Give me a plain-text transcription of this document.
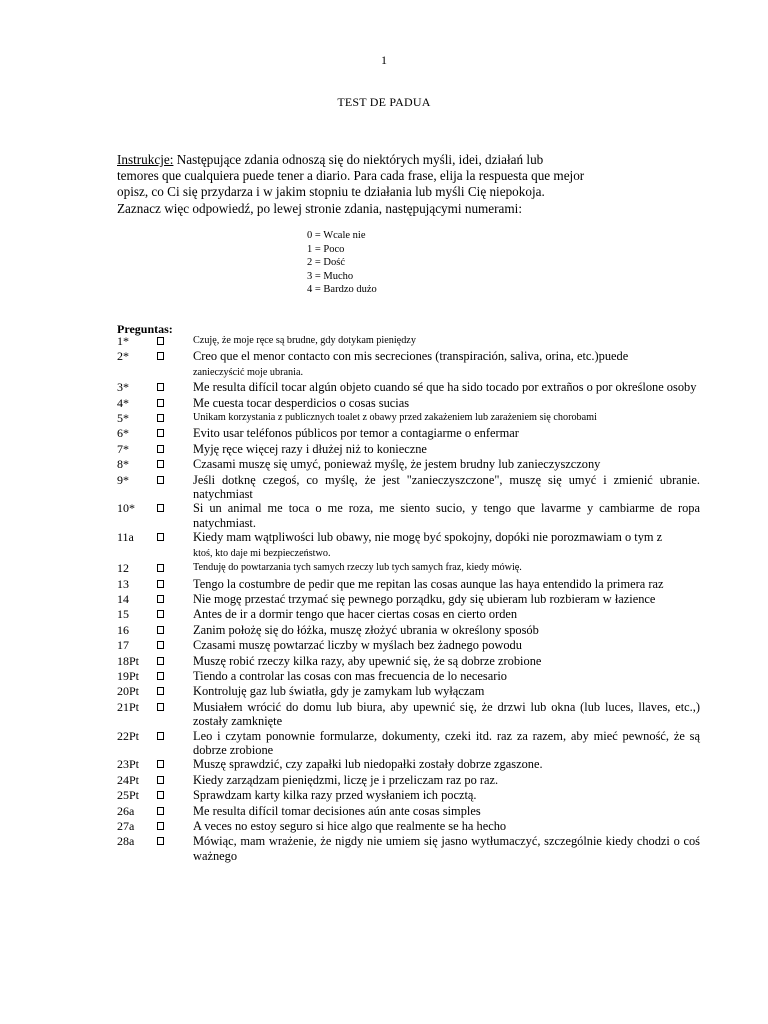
1
TEST DE PADUA
Instrukcje: Następujące zdania odnoszą się do niektórych myśli, idei, działań lub
temores que cualquiera puede tener a diario. Para cada frase, elija la respuesta que mejor
opisz, co Ci się przydarza i w jakim stopniu te działania lub myśli Cię niepokoja.
Zaznacz więc odpowiedź, po lewej stronie zdania, następującymi numerami:
0 = Wcale nie
1 = Poco
2 = Dość
3 = Mucho
4 = Bardzo dużo
Preguntas:
1*	Czuję, że moje ręce są brudne, gdy dotykam pieniędzy
2*	Creo que el menor contacto con mis secreciones (transpiración, saliva, orina, etc.)puede
zanieczyścić moje ubrania.
3*	Me resulta difícil tocar algún objeto cuando sé que ha sido tocado por extraños o por określone osoby
4*	Me cuesta tocar desperdicios o cosas sucias
5*	Unikam korzystania z publicznych toalet z obawy przed zakażeniem lub zarażeniem się chorobami
6*	Evito usar teléfonos públicos por temor a contagiarme o enfermar
7*	Myję ręce więcej razy i dłużej niż to konieczne
8*	Czasami muszę się umyć, ponieważ myślę, że jestem brudny lub zanieczyszczony
9*	Jeśli dotknę czegoś, co myślę, że jest "zanieczyszczone", muszę się umyć i zmienić ubranie. natychmiast
10*	Si un animal me toca o me roza, me siento sucio, y tengo que lavarme y cambiarme de ropa natychmiast.
11a	Kiedy mam wątpliwości lub obawy, nie mogę być spokojny, dopóki nie porozmawiam o tym z
ktoś, kto daje mi bezpieczeństwo.
12	Tenduję do powtarzania tych samych rzeczy lub tych samych fraz, kiedy mówię.
13	Tengo la costumbre de pedir que me repitan las cosas aunque las haya entendido la primera raz
14	Nie mogę przestać trzymać się pewnego porządku, gdy się ubieram lub rozbieram w łazience
15	Antes de ir a dormir tengo que hacer ciertas cosas en cierto orden
16	Zanim położę się do łóżka, muszę złożyć ubrania w określony sposób
17	Czasami muszę powtarzać liczby w myślach bez żadnego powodu
18Pt	Muszę robić rzeczy kilka razy, aby upewnić się, że są dobrze zrobione
19Pt	Tiendo a controlar las cosas con mas frecuencia de lo necesario
20Pt	Kontroluję gaz lub światła, gdy je zamykam lub wyłączam
21Pt	Musiałem wrócić do domu lub biura, aby upewnić się, że drzwi lub okna (lub luces, llaves, etc.,) zostały zamknięte
22Pt	Leo i czytam ponownie formularze, dokumenty, czeki itd. raz za razem, aby mieć pewność, że są dobrze zrobione
23Pt	Muszę sprawdzić, czy zapałki lub niedopałki zostały dobrze zgaszone.
24Pt	Kiedy zarządzam pieniędzmi, liczę je i przeliczam raz po raz.
25Pt	Sprawdzam karty kilka razy przed wysłaniem ich pocztą.
26a	Me resulta difícil tomar decisiones aún ante cosas simples
27a	A veces no estoy seguro si hice algo que realmente se ha hecho
28a	Mówiąc, mam wrażenie, że nigdy nie umiem się jasno wytłumaczyć, szczególnie kiedy chodzi o coś ważnego
